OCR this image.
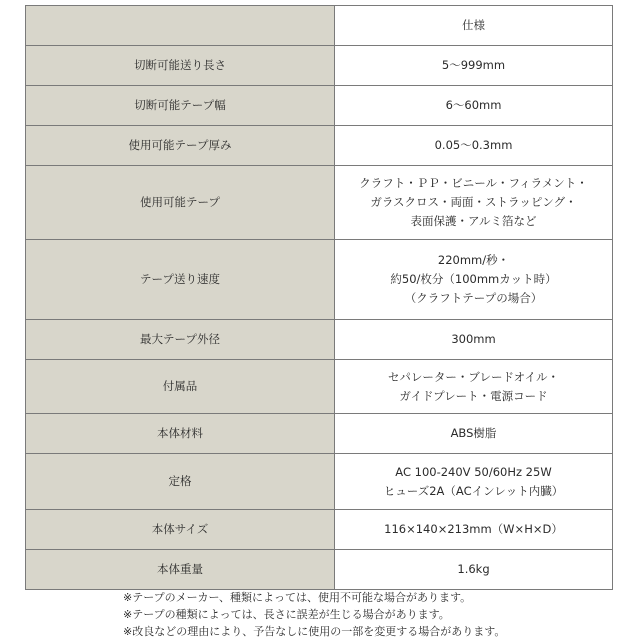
	仕様
切断可能送り長さ	5～999mm

切断可能テープ幅	6～60mm

使用可能テープ厚み	0.05～0.3mm

使用可能テープ	クラフト・ＰＰ・ビニール・フィラメント・
ガラスクロス・両面・ストラッピング・
表面保護・アルミ箔など

テープ送り速度	220mm/秒・
約50/枚分（100mmカット時）
（クラフトテープの場合）

最大テープ外径	300mm

付属品	セパレーター・ブレードオイル・
ガイドプレート・電源コード

本体材料	ABS樹脂

定格	AC 100-240V 50/60Hz 25W
ヒューズ2A（ACインレット内臓）

本体サイズ	116×140×213mm（W×H×D）

本体重量	1.6kg
※テープのメーカー、種類によっては、使用不可能な場合があります。
※テープの種類によっては、長さに誤差が生じる場合があります。
※改良などの理由により、予告なしに使用の一部を変更する場合があります。
